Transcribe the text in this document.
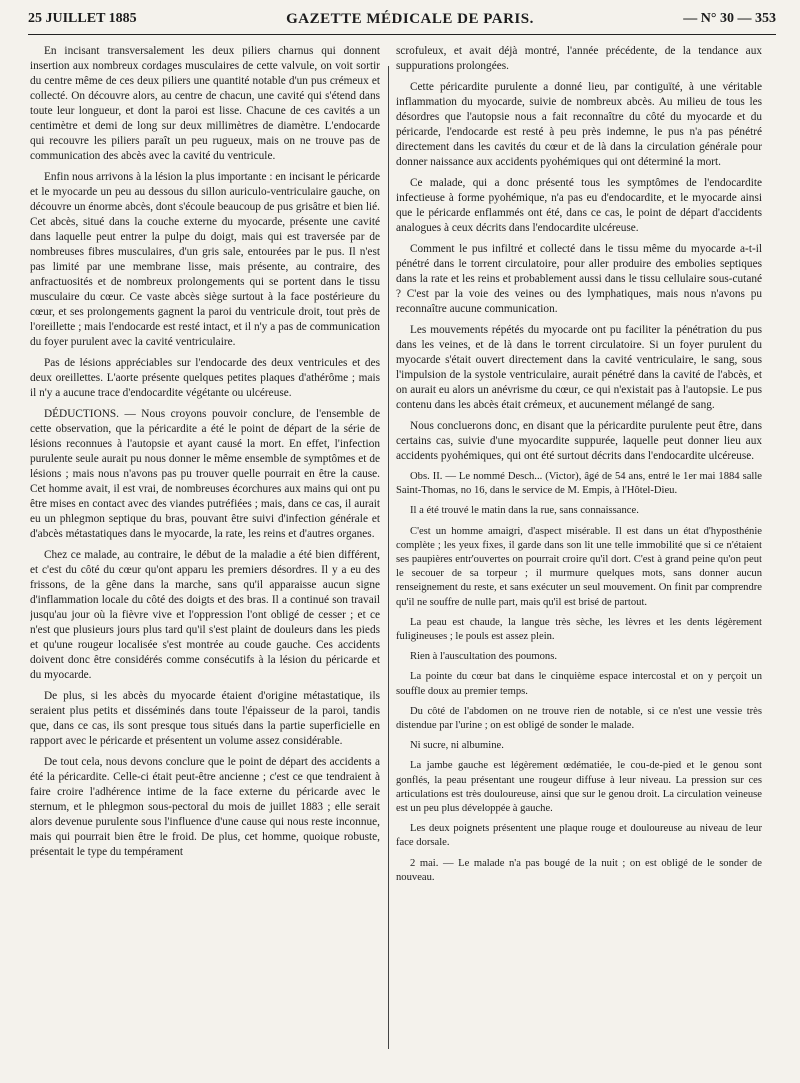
25 JUILLET 1885	GAZETTE MÉDICALE DE PARIS.	— N° 30 — 353

En incisant transversalement les deux piliers charnus qui donnent insertion aux nombreux cordages musculaires de cette valvule, on voit sortir du centre même de ces deux piliers une quantité notable d'un pus crémeux et collecté. On découvre alors, au centre de chacun, une cavité qui s'étend dans toute leur longueur, et dont la paroi est lisse. Chacune de ces cavités a un centimètre et demi de long sur deux millimètres de diamètre. L'endocarde qui recouvre les piliers paraît un peu rugueux, mais on ne trouve pas de communication des abcès avec la cavité du ventricule.

Enfin nous arrivons à la lésion la plus importante : en incisant le péricarde et le myocarde un peu au dessous du sillon auriculo-ventriculaire gauche, on découvre un énorme abcès, dont s'écoule beaucoup de pus grisâtre et bien lié. Cet abcès, situé dans la couche externe du myocarde, présente une cavité dans laquelle peut entrer la pulpe du doigt, mais qui est traversée par de nombreuses fibres musculaires, d'un gris sale, entourées par le pus. Il n'est pas limité par une membrane lisse, mais présente, au contraire, des anfractuosités et de nombreux prolongements qui se portent dans le tissu musculaire du cœur. Ce vaste abcès siège surtout à la face postérieure du cœur, et ses prolongements gagnent la paroi du ventricule droit, tout près de l'oreillette ; mais l'endocarde est resté intact, et il n'y a pas de communication du foyer purulent avec la cavité ventriculaire.

Pas de lésions appréciables sur l'endocarde des deux ventricules et des deux oreillettes. L'aorte présente quelques petites plaques d'athérôme ; mais il n'y a aucune trace d'endocardite végétante ou ulcéreuse.

DÉDUCTIONS. — Nous croyons pouvoir conclure, de l'ensemble de cette observation, que la péricardite a été le point de départ de la série de lésions reconnues à l'autopsie et ayant causé la mort. En effet, l'infection purulente seule aurait pu nous donner le même ensemble de symptômes et de lésions ; mais nous n'avons pas pu trouver quelle pourrait en être la cause. Cet homme avait, il est vrai, de nombreuses écorchures aux mains qui ont pu être mises en contact avec des viandes putréfiées ; mais, dans ce cas, il aurait eu un phlegmon septique du bras, pouvant être suivi d'infection générale et d'abcès métastatiques dans le myocarde, la rate, les reins et d'autres organes.

Chez ce malade, au contraire, le début de la maladie a été bien différent, et c'est du côté du cœur qu'ont apparu les premiers désordres. Il y a eu des frissons, de la gêne dans la marche, sans qu'il apparaisse aucun signe d'inflammation locale du côté des doigts et des bras. Il a continué son travail jusqu'au jour où la fièvre vive et l'oppression l'ont obligé de cesser ; et ce n'est que plusieurs jours plus tard qu'il s'est plaint de douleurs dans les pieds et qu'une rougeur localisée s'est montrée au coude gauche. Ces accidents doivent donc être considérés comme consécutifs à la lésion du péricarde et du myocarde.

De plus, si les abcès du myocarde étaient d'origine métastatique, ils seraient plus petits et disséminés dans toute l'épaisseur de la paroi, tandis que, dans ce cas, ils sont presque tous situés dans la partie superficielle en rapport avec le péricarde et présentent un volume assez considérable.

De tout cela, nous devons conclure que le point de départ des accidents a été la péricardite. Celle-ci était peut-être ancienne ; c'est ce que tendraient à faire croire l'adhérence intime de la face externe du péricarde avec le sternum, et le phlegmon sous-pectoral du mois de juillet 1883 ; elle serait alors devenue purulente sous l'influence d'une cause qui nous reste inconnue, mais qui pourrait bien être le froid. De plus, cet homme, quoique robuste, présentait le type du tempérament

scrofuleux, et avait déjà montré, l'année précédente, de la tendance aux suppurations prolongées.

Cette péricardite purulente a donné lieu, par contiguïté, à une véritable inflammation du myocarde, suivie de nombreux abcès. Au milieu de tous les désordres que l'autopsie nous a fait reconnaître du côté du myocarde et du péricarde, l'endocarde est resté à peu près indemne, le pus n'a pas pénétré directement dans les cavités du cœur et de là dans la circulation générale pour donner naissance aux accidents pyohémiques qui ont déterminé la mort.

Ce malade, qui a donc présenté tous les symptômes de l'endocardite infectieuse à forme pyohémique, n'a pas eu d'endocardite, et le myocarde ainsi que le péricarde enflammés ont été, dans ce cas, le point de départ d'accidents analogues à ceux décrits dans l'endocardite ulcéreuse.

Comment le pus infiltré et collecté dans le tissu même du myocarde a-t-il pénétré dans le torrent circulatoire, pour aller produire des embolies septiques dans la rate et les reins et probablement aussi dans le tissu cellulaire sous-cutané ? C'est par la voie des veines ou des lymphatiques, mais nous n'avons pu reconnaître aucune communication.

Les mouvements répétés du myocarde ont pu faciliter la pénétration du pus dans les veines, et de là dans le torrent circulatoire. Si un foyer purulent du myocarde s'était ouvert directement dans la cavité ventriculaire, le sang, sous l'impulsion de la systole ventriculaire, aurait pénétré dans la cavité de l'abcès, et on aurait eu alors un anévrisme du cœur, ce qui n'existait pas à l'autopsie. Le pus contenu dans les abcès était crémeux, et aucunement mélangé de sang.

Nous concluerons donc, en disant que la péricardite purulente peut être, dans certains cas, suivie d'une myocardite suppurée, laquelle peut donner lieu aux accidents pyohémiques, qui ont été surtout décrits dans l'endocardite ulcéreuse.

Obs. II. — Le nommé Desch... (Victor), âgé de 54 ans, entré le 1er mai 1884 salle Saint-Thomas, no 16, dans le service de M. Empis, à l'Hôtel-Dieu.

Il a été trouvé le matin dans la rue, sans connaissance.

C'est un homme amaigri, d'aspect misérable. Il est dans un état d'hyposthénie complète ; les yeux fixes, il garde dans son lit une telle immobilité que si ce n'étaient ses paupières entr'ouvertes on pourrait croire qu'il dort. C'est à grand peine qu'on peut le secouer de sa torpeur ; il murmure quelques mots, sans donner aucun renseignement du reste, et sans exécuter un seul mouvement. On finit par comprendre qu'il ne souffre de nulle part, mais qu'il est brisé de partout.

La peau est chaude, la langue très sèche, les lèvres et les dents légèrement fuligineuses ; le pouls est assez plein.

Rien à l'auscultation des poumons.

La pointe du cœur bat dans le cinquième espace intercostal et on y perçoit un souffle doux au premier temps.

Du côté de l'abdomen on ne trouve rien de notable, si ce n'est une vessie très distendue par l'urine ; on est obligé de sonder le malade.

Ni sucre, ni albumine.

La jambe gauche est légèrement œdématiée, le cou-de-pied et le genou sont gonflés, la peau présentant une rougeur diffuse à leur niveau. La pression sur ces articulations est très douloureuse, ainsi que sur le genou droit. La circulation veineuse est un peu plus développée à gauche.

Les deux poignets présentent une plaque rouge et douloureuse au niveau de leur face dorsale.

2 mai. — Le malade n'a pas bougé de la nuit ; on est obligé de le sonder de nouveau.
